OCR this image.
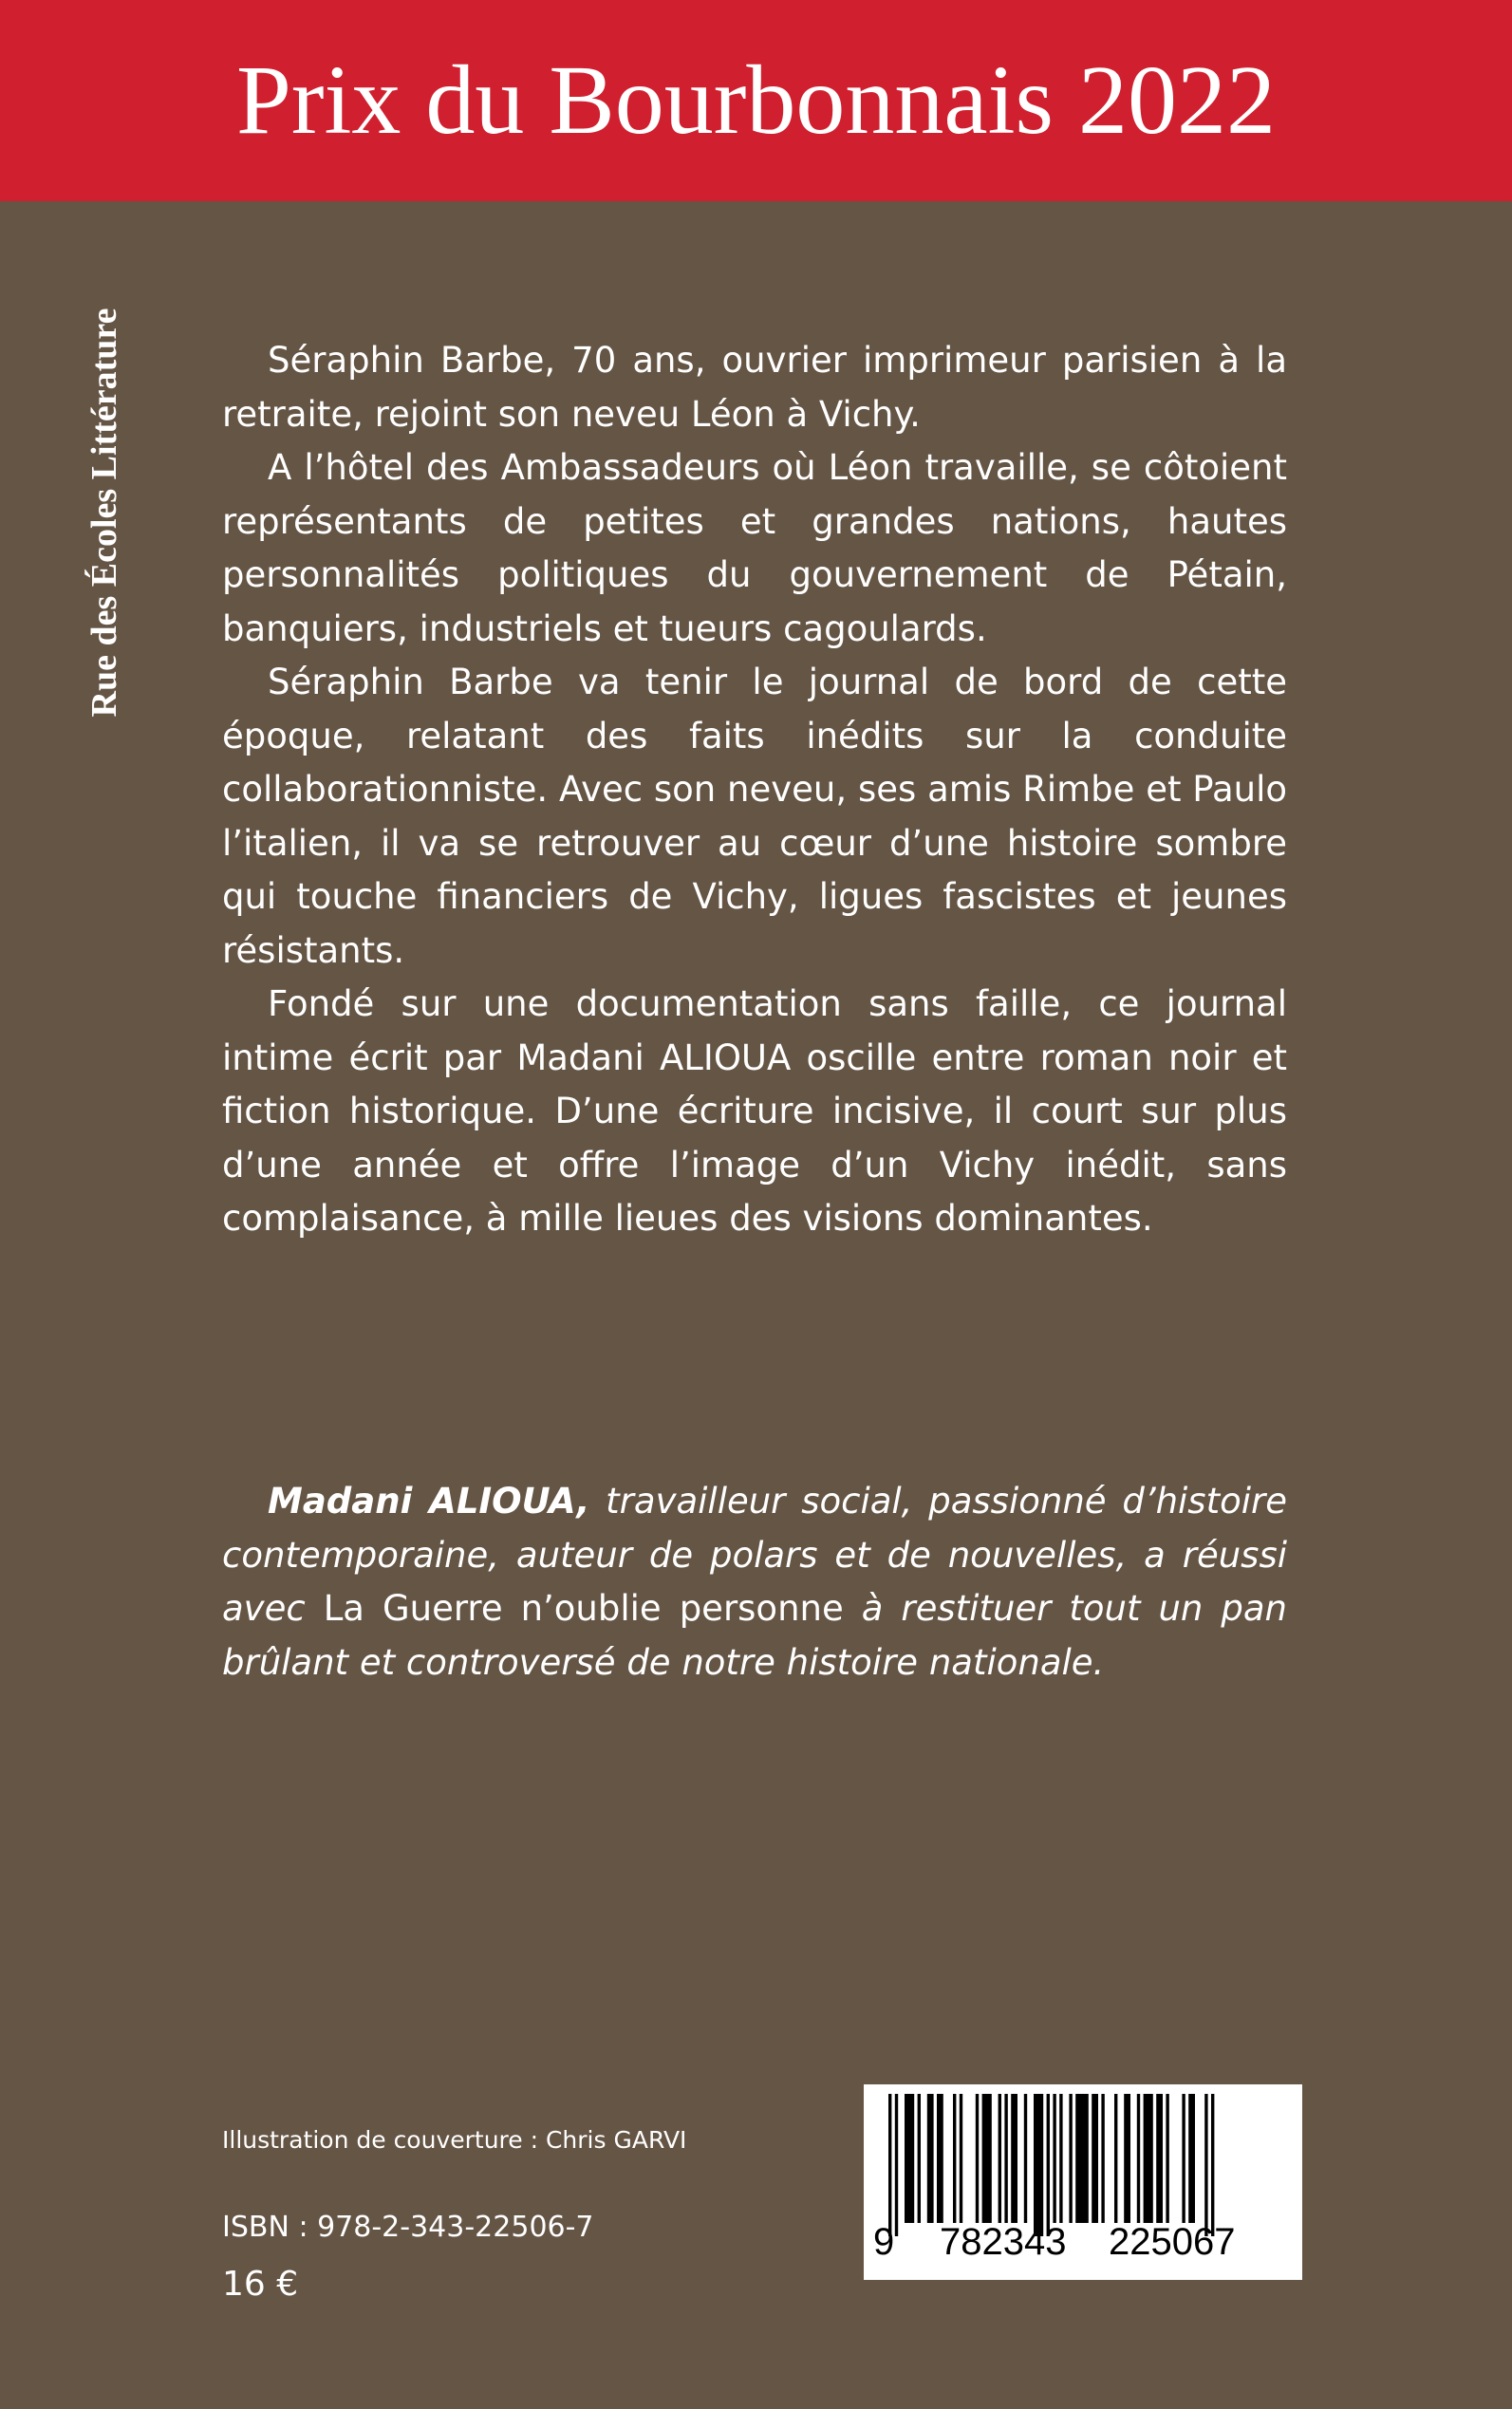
Prix du Bourbonnais 2022
Rue des Écoles Littérature	Séraphin Barbe, 70 ans, ouvrier imprimeur parisien à la retraite, rejoint son neveu Léon à Vichy.

A l’hôtel des Ambassadeurs où Léon travaille, se côtoient représentants de petites et grandes nations, hautes personnalités politiques du gouvernement de Pétain, banquiers, industriels et tueurs cagoulards.

Séraphin Barbe va tenir le journal de bord de cette époque, relatant des faits inédits sur la conduite collaborationniste. Avec son neveu, ses amis Rimbe et Paulo l’italien, il va se retrouver au cœur d’une histoire sombre qui touche financiers de Vichy, ligues fascistes et jeunes résistants.

Fondé sur une documentation sans faille, ce journal intime écrit par Madani ALIOUA oscille entre roman noir et fiction historique. D’une écriture incisive, il court sur plus d’une année et offre l’image d’un Vichy inédit, sans complaisance, à mille lieues des visions dominantes.

Madani ALIOUA, travailleur social, passionné d’histoire contemporaine, auteur de polars et de nouvelles, a réussi avec La Guerre n’oublie personne à restituer tout un pan brûlant et controversé de notre histoire nationale.
Illustration de couverture : Chris GARVI
ISBN : 978-2-343-22506-7
16 €
9 782343 225067
